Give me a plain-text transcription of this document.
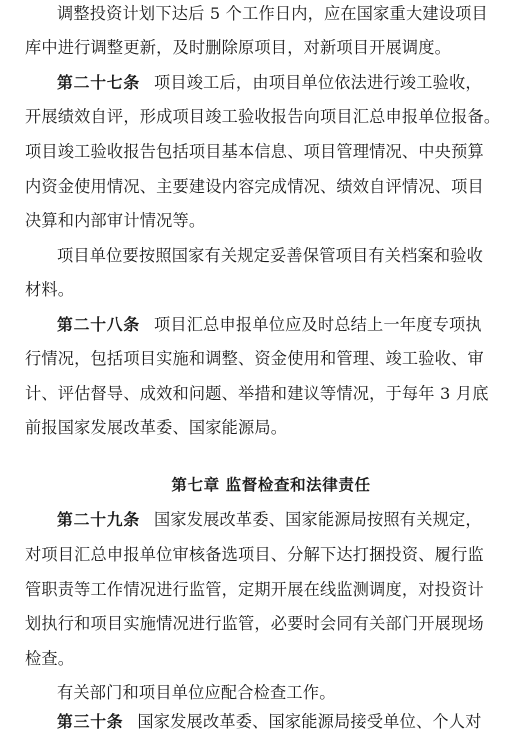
调整投资计划下达后 5 个工作日内，应在国家重大建设项目
库中进行调整更新，及时删除原项目，对新项目开展调度。
第二十七条 项目竣工后，由项目单位依法进行竣工验收，
开展绩效自评，形成项目竣工验收报告向项目汇总申报单位报备。
项目竣工验收报告包括项目基本信息、项目管理情况、中央预算
内资金使用情况、主要建设内容完成情况、绩效自评情况、项目
决算和内部审计情况等。
项目单位要按照国家有关规定妥善保管项目有关档案和验收
材料。
第二十八条 项目汇总申报单位应及时总结上一年度专项执
行情况，包括项目实施和调整、资金使用和管理、竣工验收、审
计、评估督导、成效和问题、举措和建议等情况，于每年 3 月底
前报国家发展改革委、国家能源局。
第七章 监督检查和法律责任
第二十九条 国家发展改革委、国家能源局按照有关规定，
对项目汇总申报单位审核备选项目、分解下达打捆投资、履行监
管职责等工作情况进行监管，定期开展在线监测调度，对投资计
划执行和项目实施情况进行监管，必要时会同有关部门开展现场
检查。
有关部门和项目单位应配合检查工作。
第三十条 国家发展改革委、国家能源局接受单位、个人对
